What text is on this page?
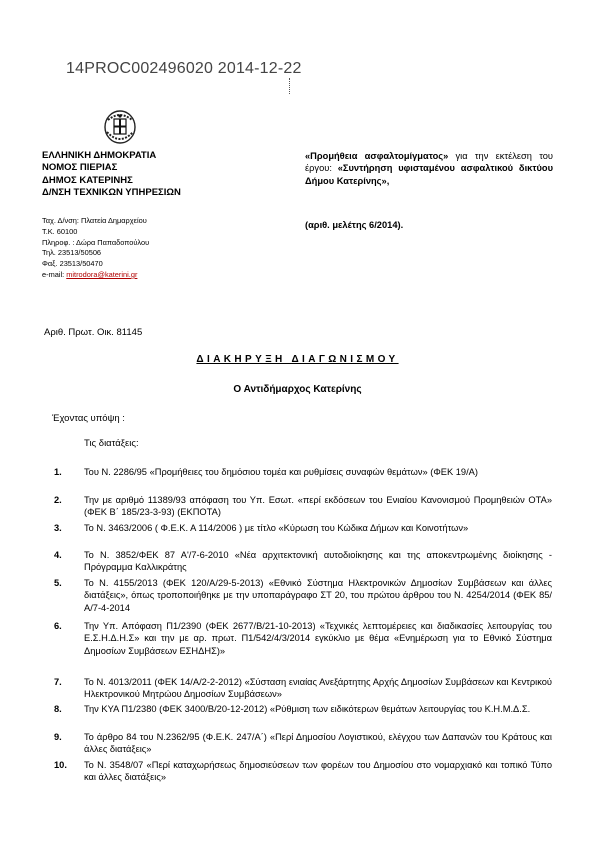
14PROC002496020 2014-12-22
ΕΛΛΗΝΙΚΗ ΔΗΜΟΚΡΑΤΙΑ
ΝΟΜΟΣ ΠΙΕΡΙΑΣ
ΔΗΜΟΣ ΚΑΤΕΡΙΝΗΣ
Δ/ΝΣΗ ΤΕΧΝΙΚΩΝ ΥΠΗΡΕΣΙΩΝ
Ταχ. Δ/νση: Πλατεία Δημαρχείου
Τ.Κ. 60100
Πληροφ. : Δώρα Παπαδοπούλου
Τηλ. 23513/50506
Φαξ. 23513/50470
e-mail: mitrodora@katerini.gr
«Προμήθεια ασφαλτομίγματος» για την εκτέλεση του έργου: «Συντήρηση υφισταμένου ασφαλτικού δικτύου Δήμου Κατερίνης»,
(αριθ. μελέτης 6/2014).
Αριθ. Πρωτ. Οικ. 81145
ΔΙΑΚΗΡΥΞΗ ΔΙΑΓΩΝΙΣΜΟΥ
Ο Αντιδήμαρχος Κατερίνης
Έχοντας υπόψη :
Τις διατάξεις:
1.	Του Ν. 2286/95 «Προμήθειες του δημόσιου τομέα και ρυθμίσεις συναφών θεμάτων» (ΦΕΚ 19/Α)
2.	Την με αριθμό 11389/93 απόφαση του Υπ. Εσωτ. «περί εκδόσεων του Ενιαίου Κανονισμού Προμηθειών ΟΤΑ» (ΦΕΚ Β΄ 185/23-3-93) (ΕΚΠΟΤΑ)
3.	Το Ν. 3463/2006 ( Φ.Ε.Κ. Α 114/2006 ) με τίτλο «Κύρωση του Κώδικα Δήμων και Κοινοτήτων»
4.	Το Ν. 3852/ΦΕΚ 87 Α'/7-6-2010 «Νέα αρχιτεκτονική αυτοδιοίκησης και της αποκεντρωμένης διοίκησης - Πρόγραμμα Καλλικράτης
5.	Το Ν. 4155/2013 (ΦΕΚ 120/Α/29-5-2013) «Εθνικό Σύστημα Ηλεκτρονικών Δημοσίων Συμβάσεων και άλλες διατάξεις», όπως τροποποιήθηκε με την υποπαράγραφο ΣΤ 20, του πρώτου άρθρου του Ν. 4254/2014 (ΦΕΚ 85/Α/7-4-2014
6.	Την Υπ. Απόφαση Π1/2390 (ΦΕΚ 2677/Β/21-10-2013) «Τεχνικές λεπτομέρειες και διαδικασίες λειτουργίας του Ε.Σ.Η.Δ.Η.Σ» και την με αρ. πρωτ. Π1/542/4/3/2014 εγκύκλιο με θέμα «Ενημέρωση για το Εθνικό Σύστημα Δημοσίων Συμβάσεων ΕΣΗΔΗΣ)»
7.	Το Ν. 4013/2011 (ΦΕΚ 14/Α/2-2-2012) «Σύσταση ενιαίας Ανεξάρτητης Αρχής Δημοσίων Συμβάσεων και Κεντρικού Ηλεκτρονικού Μητρώου Δημοσίων Συμβάσεων»
8.	Την ΚΥΑ Π1/2380 (ΦΕΚ 3400/Β/20-12-2012) «Ρύθμιση των ειδικότερων θεμάτων λειτουργίας του Κ.Η.Μ.Δ.Σ.
9.	Το άρθρο 84 του Ν.2362/95 (Φ.Ε.Κ. 247/Α΄) «Περί Δημοσίου Λογιστικού, ελέγχου των Δαπανών του Κράτους και άλλες διατάξεις»
10.	Το Ν. 3548/07 «Περί καταχωρήσεως δημοσιεύσεων των φορέων του Δημοσίου στο νομαρχιακό και τοπικό Τύπο και άλλες διατάξεις»
